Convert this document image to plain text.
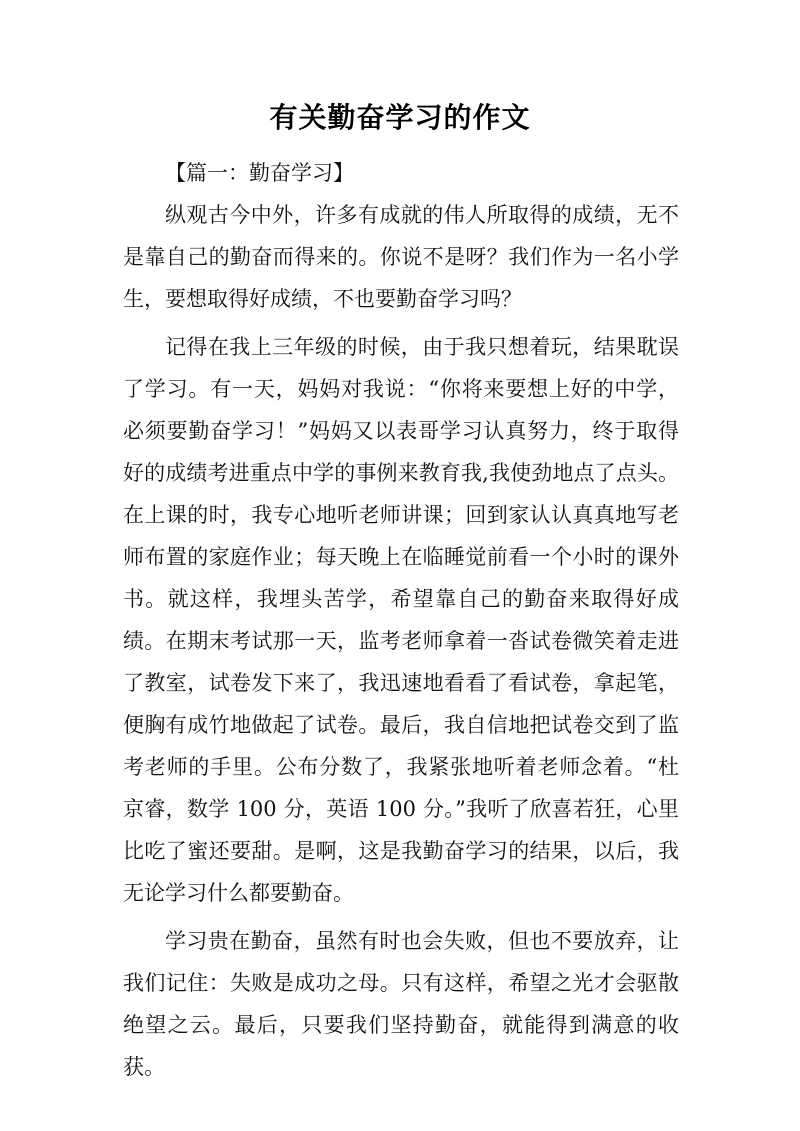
有关勤奋学习的作文

【篇一：勤奋学习】

纵观古今中外，许多有成就的伟人所取得的成绩，无不是靠自己的勤奋而得来的。你说不是呀？我们作为一名小学生，要想取得好成绩，不也要勤奋学习吗？

记得在我上三年级的时候，由于我只想着玩，结果耽误了学习。有一天，妈妈对我说：“你将来要想上好的中学，必须要勤奋学习！”妈妈又以表哥学习认真努力，终于取得好的成绩考进重点中学的事例来教育我,我使劲地点了点头。在上课的时，我专心地听老师讲课；回到家认认真真地写老师布置的家庭作业；每天晚上在临睡觉前看一个小时的课外书。就这样，我埋头苦学，希望靠自己的勤奋来取得好成绩。在期末考试那一天，监考老师拿着一沓试卷微笑着走进了教室，试卷发下来了，我迅速地看看了看试卷，拿起笔，便胸有成竹地做起了试卷。最后，我自信地把试卷交到了监考老师的手里。公布分数了，我紧张地听着老师念着。“杜京睿，数学 100 分，英语 100 分。”我听了欣喜若狂，心里比吃了蜜还要甜。是啊，这是我勤奋学习的结果，以后，我无论学习什么都要勤奋。

学习贵在勤奋，虽然有时也会失败，但也不要放弃，让我们记住：失败是成功之母。只有这样，希望之光才会驱散绝望之云。最后，只要我们坚持勤奋，就能得到满意的收获。
